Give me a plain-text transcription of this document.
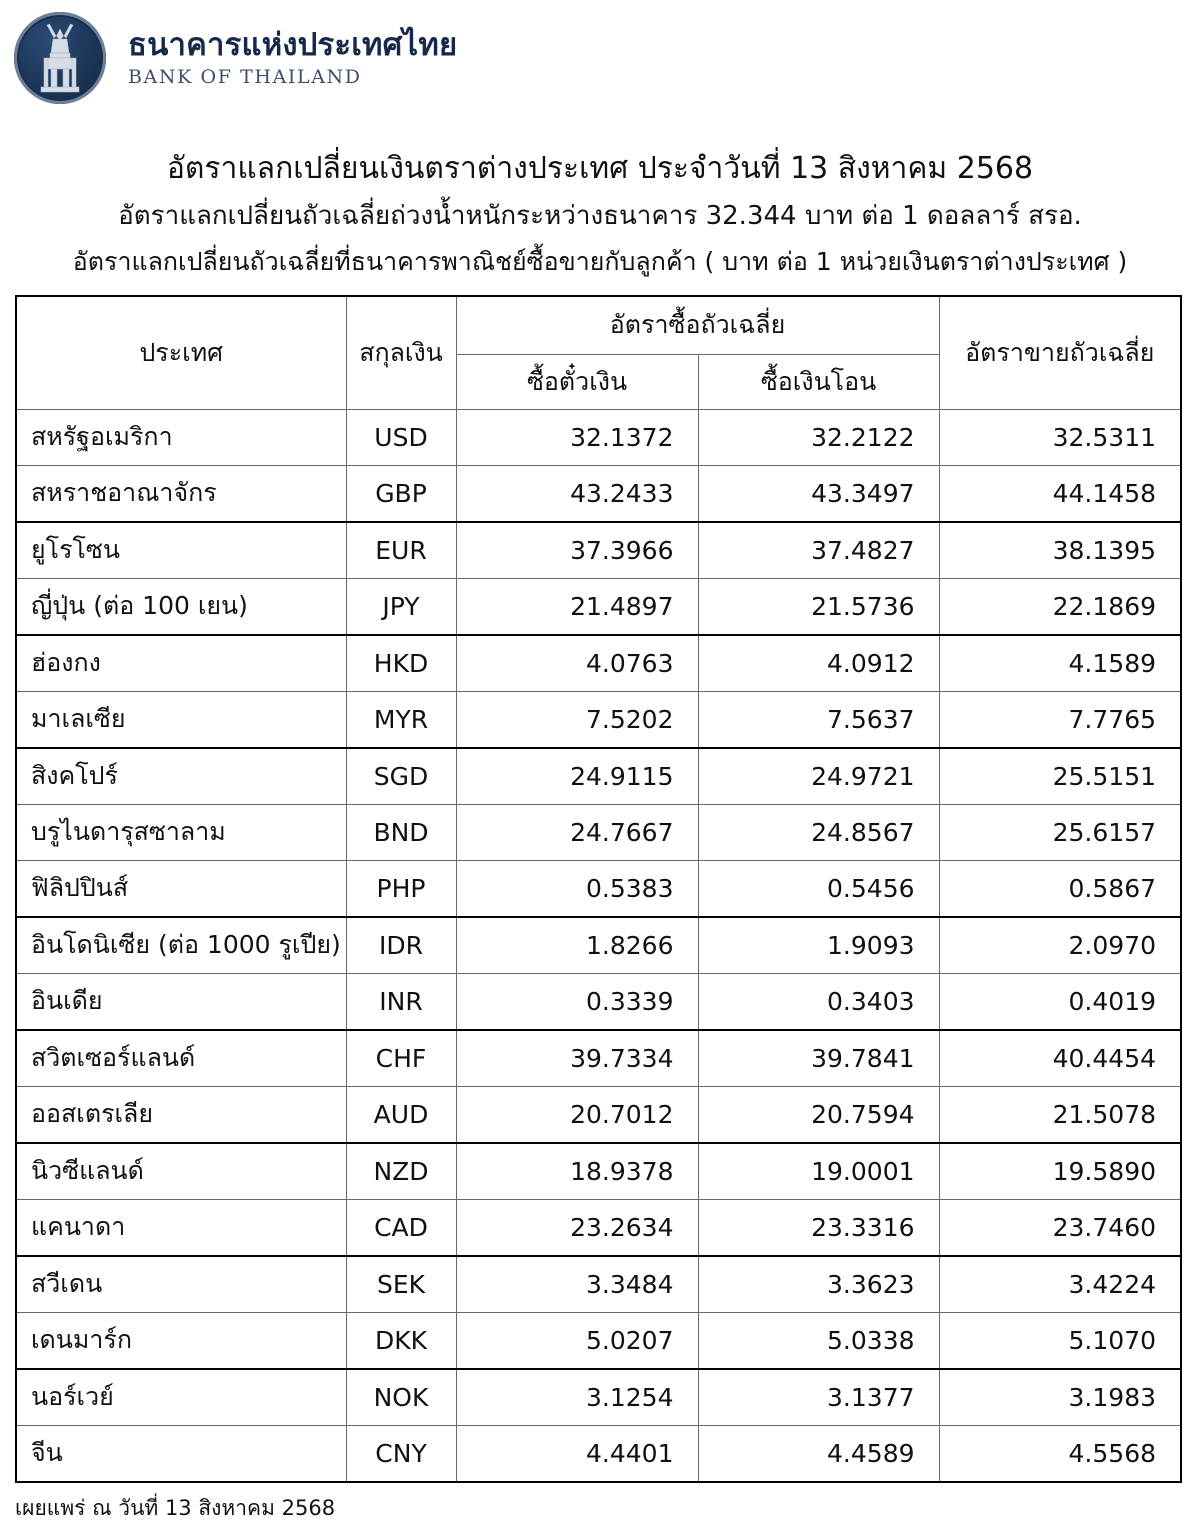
ธนาคารแห่งประเทศไทย
BANK OF THAILAND
อัตราแลกเปลี่ยนเงินตราต่างประเทศ ประจำวันที่ 13 สิงหาคม 2568
อัตราแลกเปลี่ยนถัวเฉลี่ยถ่วงน้ำหนักระหว่างธนาคาร 32.344 บาท ต่อ 1 ดอลลาร์ สรอ.
อัตราแลกเปลี่ยนถัวเฉลี่ยที่ธนาคารพาณิชย์ซื้อขายกับลูกค้า ( บาท ต่อ 1 หน่วยเงินตราต่างประเทศ )
ประเทศ	สกุลเงิน	อัตราซื้อถัวเฉลี่ย		อัตราขายถัวเฉลี่ย
		ซื้อตั๋วเงิน	ซื้อเงินโอน	
สหรัฐอเมริกา	USD	32.1372	32.2122	32.5311
สหราชอาณาจักร	GBP	43.2433	43.3497	44.1458
ยูโรโซน	EUR	37.3966	37.4827	38.1395
ญี่ปุ่น (ต่อ 100 เยน)	JPY	21.4897	21.5736	22.1869
ฮ่องกง	HKD	4.0763	4.0912	4.1589
มาเลเซีย	MYR	7.5202	7.5637	7.7765
สิงคโปร์	SGD	24.9115	24.9721	25.5151
บรูไนดารุสซาลาม	BND	24.7667	24.8567	25.6157
ฟิลิปปินส์	PHP	0.5383	0.5456	0.5867
อินโดนิเซีย (ต่อ 1000 รูเปีย)	IDR	1.8266	1.9093	2.0970
อินเดีย	INR	0.3339	0.3403	0.4019
สวิตเซอร์แลนด์	CHF	39.7334	39.7841	40.4454
ออสเตรเลีย	AUD	20.7012	20.7594	21.5078
นิวซีแลนด์	NZD	18.9378	19.0001	19.5890
แคนาดา	CAD	23.2634	23.3316	23.7460
สวีเดน	SEK	3.3484	3.3623	3.4224
เดนมาร์ก	DKK	5.0207	5.0338	5.1070
นอร์เวย์	NOK	3.1254	3.1377	3.1983
จีน	CNY	4.4401	4.4589	4.5568
เผยแพร่ ณ วันที่ 13 สิงหาคม 2568
